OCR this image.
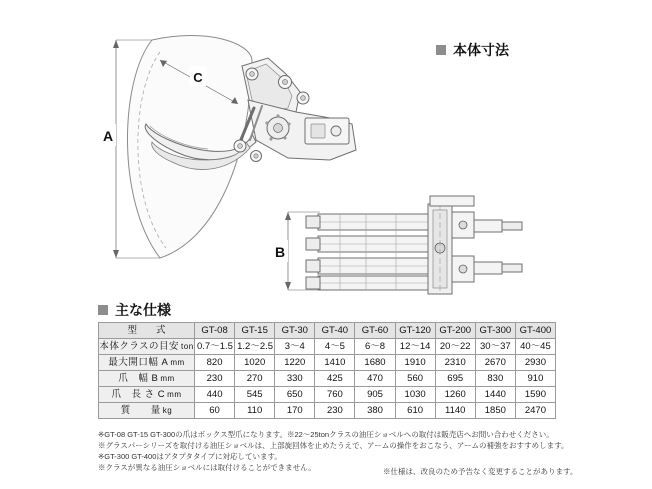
本体寸法
A
C
B
主な仕様
型　　式	GT-08	GT-15	GT-30	GT-40	GT-60	GT-120	GT-200	GT-300	GT-400

本体クラスの目安 ton	0.7～1.5	1.2～2.5	3～4	4～5	6～8	12～14	20～22	30～37	40～45

最大開口幅 A mm	820	1020	1220	1410	1680	1910	2310	2670	2930

爪　幅 B mm	230	270	330	425	470	560	695	830	910

爪　長 さ C mm	440	545	650	760	905	1030	1260	1440	1590

質　　量 kg	60	110	170	230	380	610	1140	1850	2470
※GT-08 GT-15 GT-300の爪はボックス型爪になります。※22～25tonクラスの油圧ショベルへの取付は販売店へお問い合わせください。
※グラスパーシリーズを取付ける油圧ショベルは、上部旋回体を止めたうえで、アームの操作をおこなう、アームの補強をおすすめします。
※GT-300 GT-400はアタプタタイプに対応しています。
※クラスが異なる油圧ショベルには取付けることができません。	※仕様は、改良のため予告なく変更することがあります。
